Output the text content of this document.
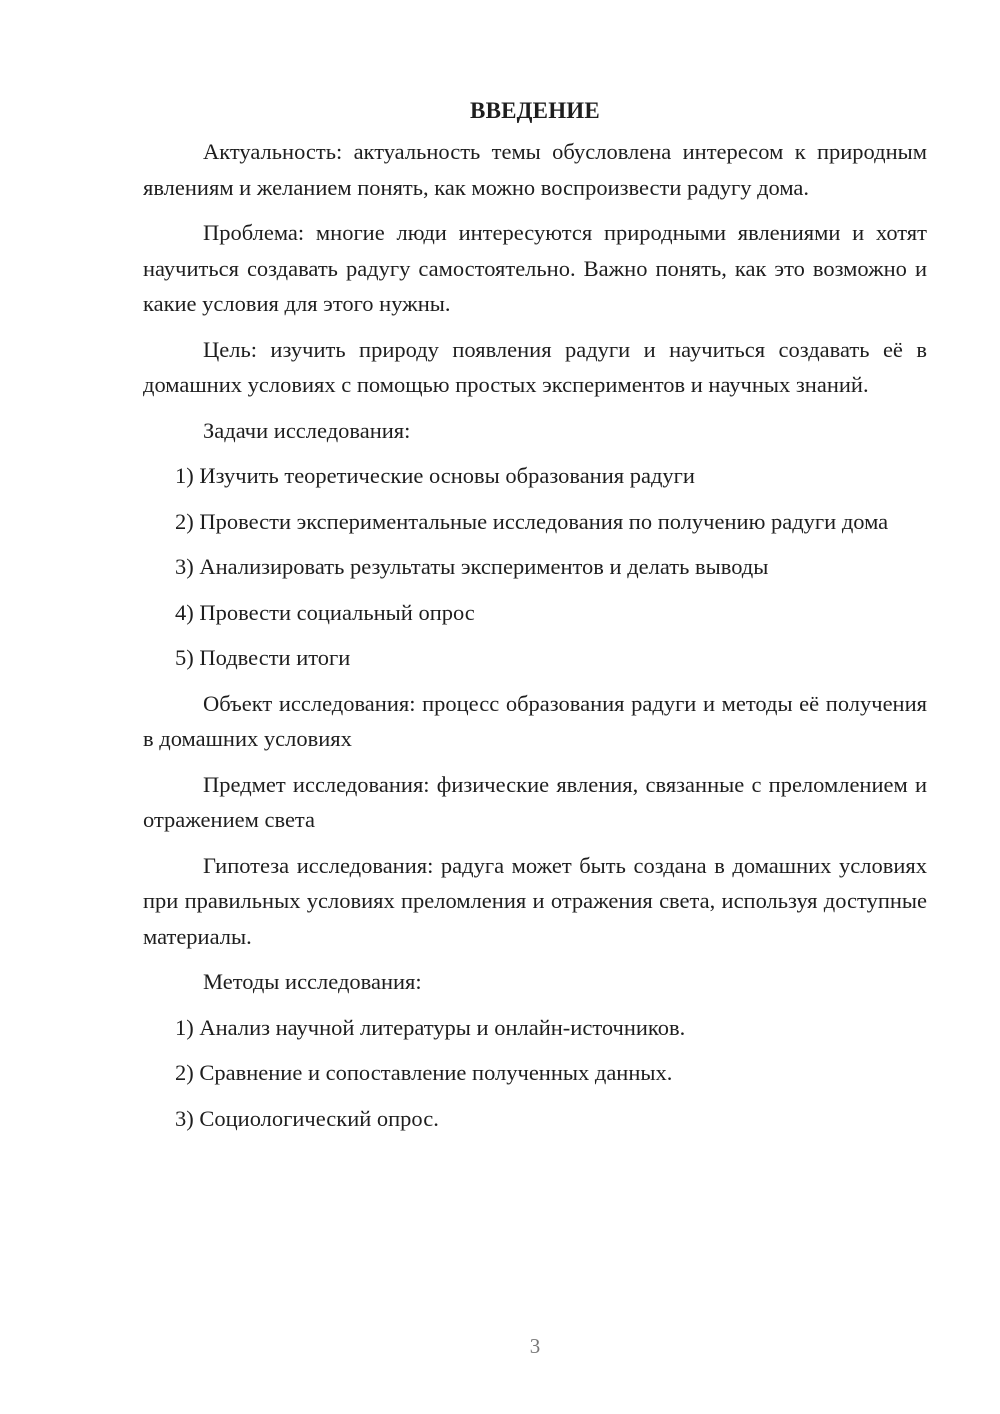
ВВЕДЕНИЕ

Актуальность: актуальность темы обусловлена интересом к природным явлениям и желанием понять, как можно воспроизвести радугу дома.

Проблема: многие люди интересуются природными явлениями и хотят научиться создавать радугу самостоятельно. Важно понять, как это возможно и какие условия для этого нужны.

Цель: изучить природу появления радуги и научиться создавать её в домашних условиях с помощью простых экспериментов и научных знаний.

Задачи исследования:

1) Изучить теоретические основы образования радуги

2) Провести экспериментальные исследования по получению радуги дома

3) Анализировать результаты экспериментов и делать выводы

4) Провести социальный опрос

5) Подвести итоги

Объект исследования: процесс образования радуги и методы её получения в домашних условиях

Предмет исследования: физические явления, связанные с преломлением и отражением света

Гипотеза исследования: радуга может быть создана в домашних условиях при правильных условиях преломления и отражения света, используя доступные материалы.

Методы исследования:

1) Анализ научной литературы и онлайн-источников.

2) Сравнение и сопоставление полученных данных.

3) Социологический опрос.

3
